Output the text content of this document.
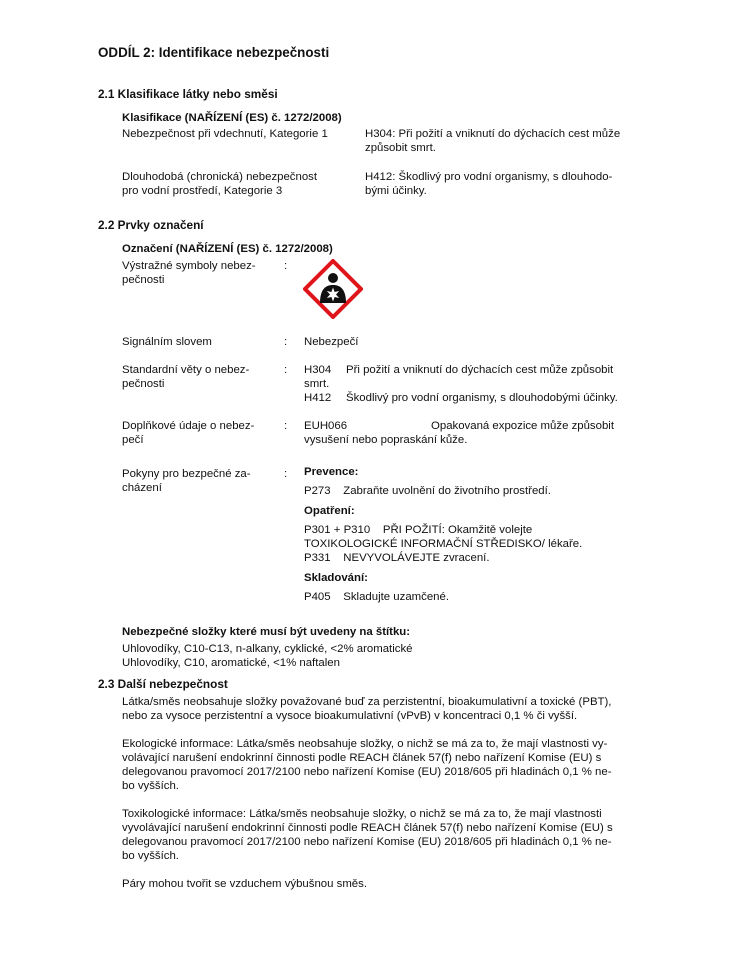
ODDÍL 2: Identifikace nebezpečnosti
2.1 Klasifikace látky nebo směsi
Klasifikace (NAŘÍZENÍ (ES) č. 1272/2008)
Nebezpečnost při vdechnutí, Kategorie 1	H304: Při požití a vniknutí do dýchacích cest může
způsobit smrt.
Dlouhodobá (chronická) nebezpečnost
pro vodní prostředí, Kategorie 3
H412: Škodlivý pro vodní organismy, s dlouhodo-
bými účinky.
2.2 Prvky označení
Označení (NAŘÍZENÍ (ES) č. 1272/2008)
Výstražné symboly nebez-
pečnosti
:
Signálním slovem	: Nebezpečí
Standardní věty o nebez-
pečnosti
: H304 Při požití a vniknutí do dýchacích cest může způsobit
smrt.
H412 Škodlivý pro vodní organismy, s dlouhodobými účinky.
Doplňkové údaje o nebez-
pečí
: EUH066	Opakovaná expozice může způsobit
vysušení nebo popraskání kůže.
Pokyny pro bezpečné za-
cházení
: Prevence:
P273    Zabraňte uvolnění do životního prostředí.
Opatření:
P301 + P310    PŘI POŽITÍ: Okamžitě volejte
TOXIKOLOGICKÉ INFORMAČNÍ STŘEDISKO/ lékaře.
P331    NEVYVOLÁVEJTE zvracení.
Skladování:
P405    Skladujte uzamčené.
Nebezpečné složky které musí být uvedeny na štítku:
Uhlovodíky, C10-C13, n-alkany, cyklické, <2% aromatické
Uhlovodíky, C10, aromatické, <1% naftalen
2.3 Další nebezpečnost
Látka/směs neobsahuje složky považované buď za perzistentní, bioakumulativní a toxické (PBT),
nebo za vysoce perzistentní a vysoce bioakumulativní (vPvB) v koncentraci 0,1 % či vyšší.
Ekologické informace: Látka/směs neobsahuje složky, o nichž se má za to, že mají vlastnosti vy-
volávající narušení endokrinní činnosti podle REACH článek 57(f) nebo nařízení Komise (EU) s
delegovanou pravomocí 2017/2100 nebo nařízení Komise (EU) 2018/605 při hladinách 0,1 % ne-
bo vyšších.
Toxikologické informace: Látka/směs neobsahuje složky, o nichž se má za to, že mají vlastnosti
vyvolávající narušení endokrinní činnosti podle REACH článek 57(f) nebo nařízení Komise (EU) s
delegovanou pravomocí 2017/2100 nebo nařízení Komise (EU) 2018/605 při hladinách 0,1 % ne-
bo vyšších.
Páry mohou tvořit se vzduchem výbušnou směs.
